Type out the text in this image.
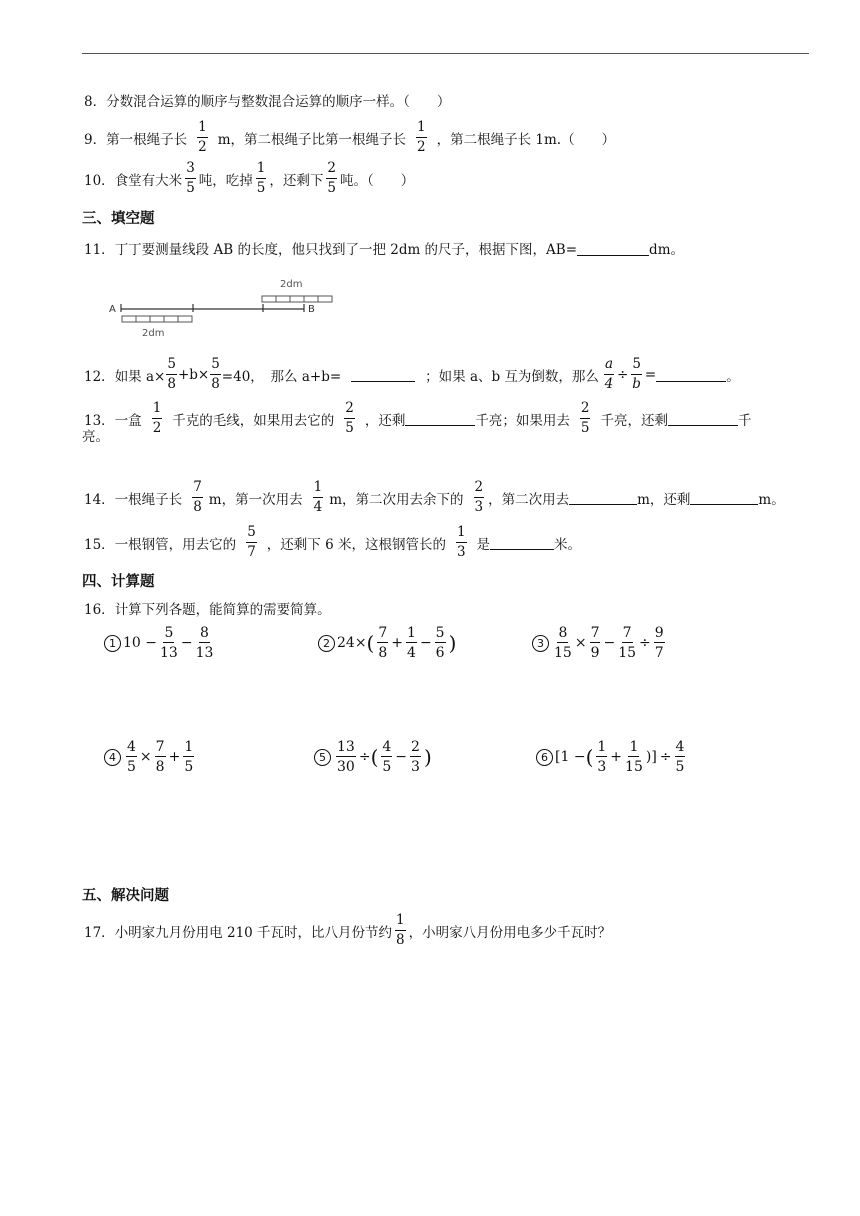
8． 分数混合运算的顺序与整数混合运算的顺序一样。（　　）
9． 第一根绳子长 $\frac{1}{2}$ m，第二根绳子比第一根绳子长 $\frac{1}{2}$ ，第二根绳子长 1m.（　　）
10． 食堂有大米 $\frac{3}{5}$ 吨，吃掉 $\frac{1}{5}$ ，还剩下 $\frac{2}{5}$ 吨。（　　）
三、填空题
11． 丁丁要测量线段 AB 的长度，他只找到了一把 2dm 的尺子，根据下图，AB=	dm。
2dm
A	B
2dm
12． 如果 $a\times \frac{5}{8} +b\times \frac{5}{8} =40$，　那么 a+b=	；如果 a、b 互为倒数，那么 $\frac{a}{4} \div \frac{5}{b}$ =	。
13． 一盒 $\frac{1}{2}$ 千克的毛线，如果用去它的 $\frac{2}{5}$ ，还剩	千亮；如果用去 $\frac{2}{5}$ 千亮，还剩	千
亮。
14． 一根绳子长 $\frac{7}{8}$ m，第一次用去 $\frac{1}{4}$ m，第二次用去余下的 $\frac{2}{3}$ ，第二次用去	m，还剩	m。
15． 一根钢管，用去它的 $\frac{5}{7}$ ，还剩下 6 米，这根钢管长的 $\frac{1}{3}$ 是	米。
四、计算题
16． 计算下列各题，能简算的需要简算。
1 $10 - \frac{5}{13} - \frac{8}{13}$	2 24× ( $\frac{7}{8} + \frac{1}{4} - \frac{5}{6}$ )	$3 \frac{8}{15} \times \frac{7}{9} - \frac{7}{15} \div \frac{9}{7}$
$4 \frac{4}{5} \times \frac{7}{8} + \frac{1}{5}$	$5 \frac{13}{30}$ ÷ ( $\frac{4}{5} - \frac{2}{3}$ )	6 [1 − ( $\frac{1}{3} + \frac{1}{15}$ )] ÷ $\frac{4}{5}$
五、解决问题
17． 小明家九月份用电 210 千瓦时，比八月份节约 $\frac{1}{8}$ ，小明家八月份用电多少千瓦时？
